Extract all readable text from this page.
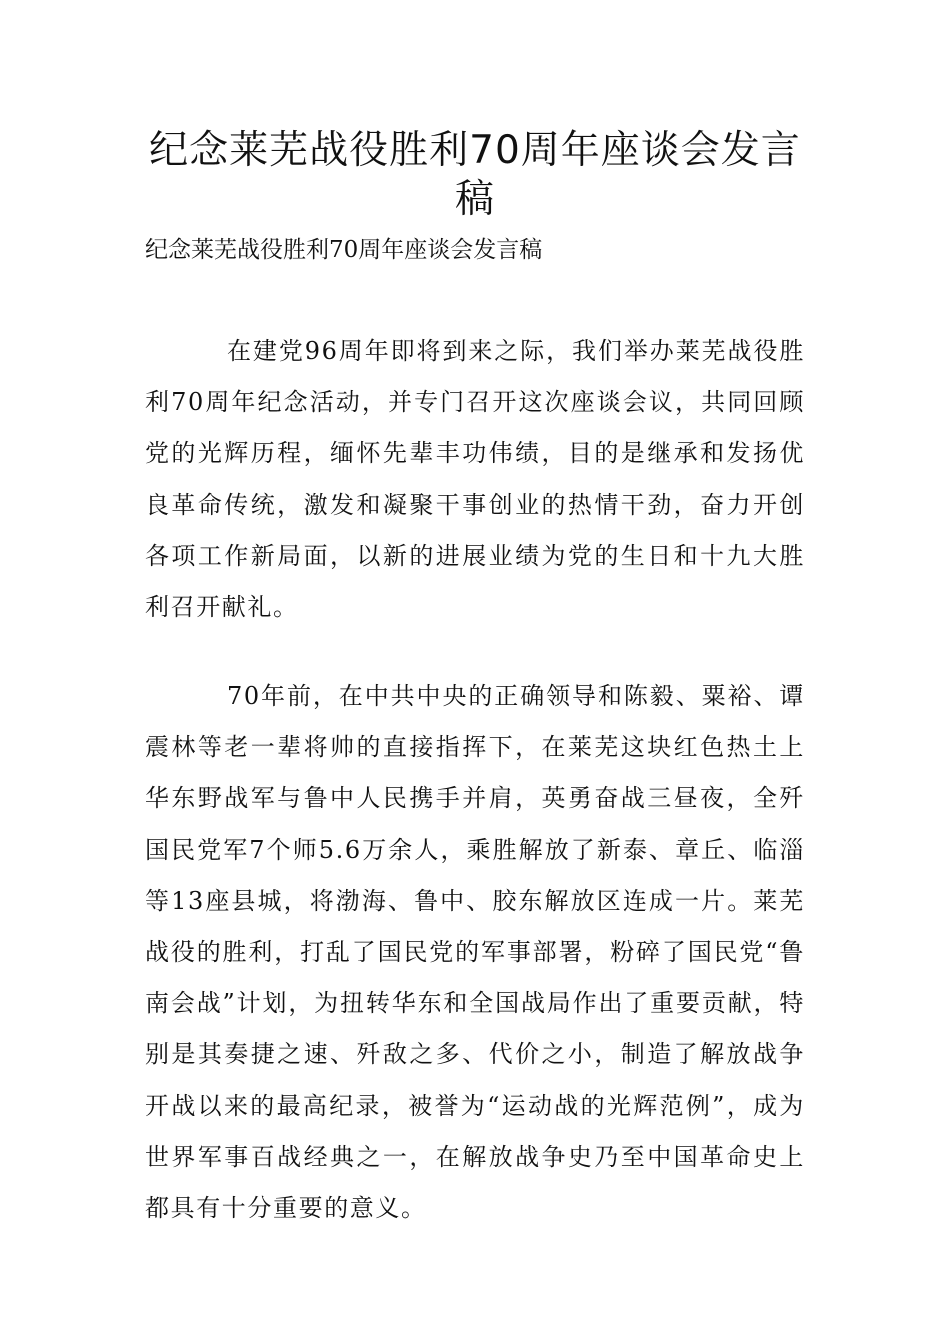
纪念莱芜战役胜利70周年座谈会发言稿

纪念莱芜战役胜利70周年座谈会发言稿

在建党96周年即将到来之际，我们举办莱芜战役胜利70周年纪念活动，并专门召开这次座谈会议，共同回顾党的光辉历程，缅怀先辈丰功伟绩，目的是继承和发扬优良革命传统，激发和凝聚干事创业的热情干劲，奋力开创各项工作新局面，以新的进展业绩为党的生日和十九大胜利召开献礼。

70年前，在中共中央的正确领导和陈毅、粟裕、谭震林等老一辈将帅的直接指挥下，在莱芜这块红色热土上华东野战军与鲁中人民携手并肩，英勇奋战三昼夜，全歼国民党军7个师5.6万余人，乘胜解放了新泰、章丘、临淄等13座县城，将渤海、鲁中、胶东解放区连成一片。莱芜战役的胜利，打乱了国民党的军事部署，粉碎了国民党“鲁南会战”计划，为扭转华东和全国战局作出了重要贡献，特别是其奏捷之速、歼敌之多、代价之小，制造了解放战争开战以来的最高纪录，被誉为“运动战的光辉范例”，成为世界军事百战经典之一，在解放战争史乃至中国革命史上都具有十分重要的意义。
